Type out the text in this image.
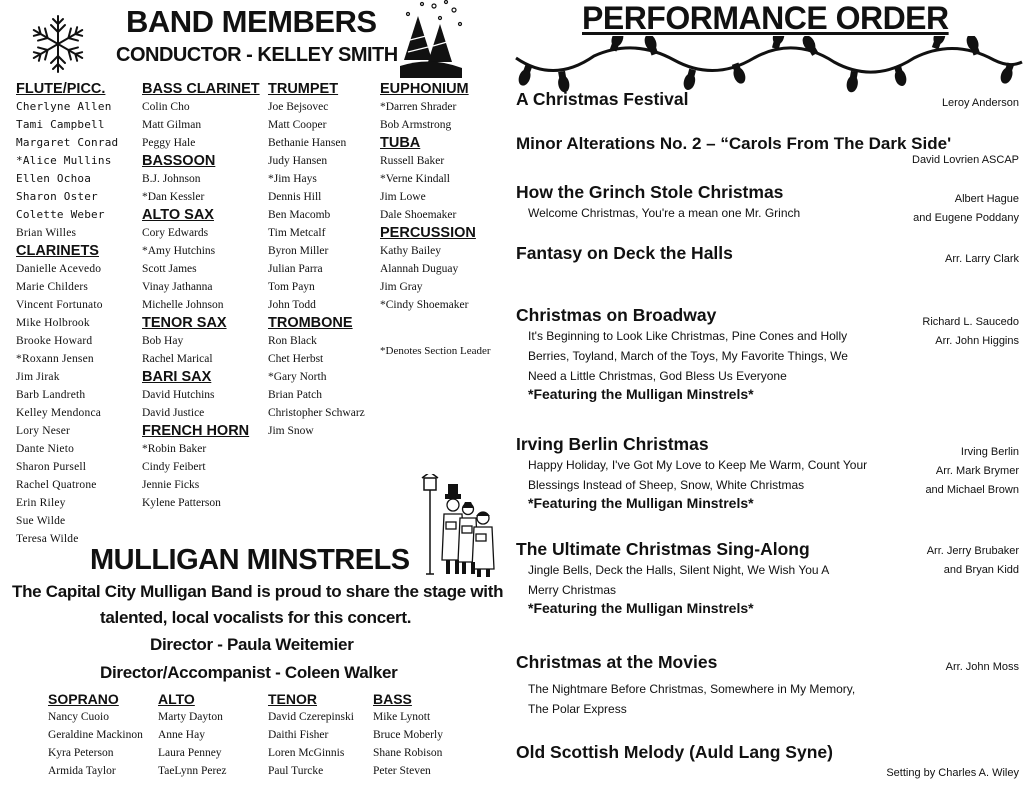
BAND MEMBERS
CONDUCTOR - KELLEY SMITH
FLUTE/PICC.
Cherlyne Allen
Tami Campbell
Margaret Conrad
*Alice Mullins
Ellen Ochoa
Sharon Oster
Colette Weber
Brian Willes
CLARINETS
Danielle Acevedo
Marie Childers
Vincent Fortunato
Mike Holbrook
Brooke Howard
*Roxann Jensen
Jim Jirak
Barb Landreth
Kelley Mendonca
Lory Neser
Dante Nieto
Sharon Pursell
Rachel Quatrone
Erin Riley
Sue Wilde
Teresa Wilde
BASS CLARINET
Colin Cho
Matt Gilman
Peggy Hale
BASSOON
B.J. Johnson
*Dan Kessler
ALTO SAX
Cory Edwards
*Amy Hutchins
Scott James
Vinay Jathanna
Michelle Johnson
TENOR SAX
Bob Hay
Rachel Marical
BARI SAX
David Hutchins
David Justice
FRENCH HORN
*Robin Baker
Cindy Feibert
Jennie Ficks
Kylene Patterson
TRUMPET
Joe Bejsovec
Matt Cooper
Bethanie Hansen
Judy Hansen
*Jim Hays
Dennis Hill
Ben Macomb
Tim Metcalf
Byron Miller
Julian Parra
Tom Payn
John Todd
TROMBONE
Ron Black
Chet Herbst
*Gary North
Brian Patch
Christopher Schwarz
Jim Snow
EUPHONIUM
*Darren Shrader
Bob Armstrong
TUBA
Russell Baker
*Verne Kindall
Jim Lowe
Dale Shoemaker
PERCUSSION
Kathy Bailey
Alannah Duguay
Jim Gray
*Cindy Shoemaker
*Denotes Section Leader
MULLIGAN MINSTRELS
The Capital City Mulligan Band is proud to share the stage with
talented, local vocalists for this concert.
Director - Paula Weitemier
Director/Accompanist - Coleen Walker
SOPRANO
Nancy Cuoio
Geraldine Mackinon
Kyra Peterson
Armida Taylor
ALTO
Marty Dayton
Anne Hay
Laura Penney
TaeLynn Perez
TENOR
David Czerepinski
Daithi Fisher
Loren McGinnis
Paul Turcke
BASS
Mike Lynott
Bruce Moberly
Shane Robison
Peter Steven
PERFORMANCE ORDER
A Christmas Festival	Leroy Anderson
Minor Alterations No. 2 – “Carols From The Dark Side'
David Lovrien ASCAP
How the Grinch Stole Christmas
Welcome Christmas, You're a mean one Mr. Grinch
Albert Hague
and Eugene Poddany
Fantasy on Deck the Halls	Arr. Larry Clark
Christmas on Broadway
It's Beginning to Look Like Christmas, Pine Cones and Holly Berries, Toyland, March of the Toys, My Favorite Things, We Need a Little Christmas, God Bless Us Everyone
*Featuring the Mulligan Minstrels*
Richard L. Saucedo
Arr. John Higgins
Irving Berlin Christmas
Happy Holiday, I've Got My Love to Keep Me Warm, Count Your Blessings Instead of Sheep, Snow, White Christmas
*Featuring the Mulligan Minstrels*
Irving Berlin
Arr. Mark Brymer
and Michael Brown
The Ultimate Christmas Sing-Along
Jingle Bells, Deck the Halls, Silent Night, We Wish You A Merry Christmas
*Featuring the Mulligan Minstrels*
Arr. Jerry Brubaker
and Bryan Kidd
Christmas at the Movies
The Nightmare Before Christmas, Somewhere in My Memory, The Polar Express
Arr. John Moss
Old Scottish Melody (Auld Lang Syne)
Setting by Charles A. Wiley
